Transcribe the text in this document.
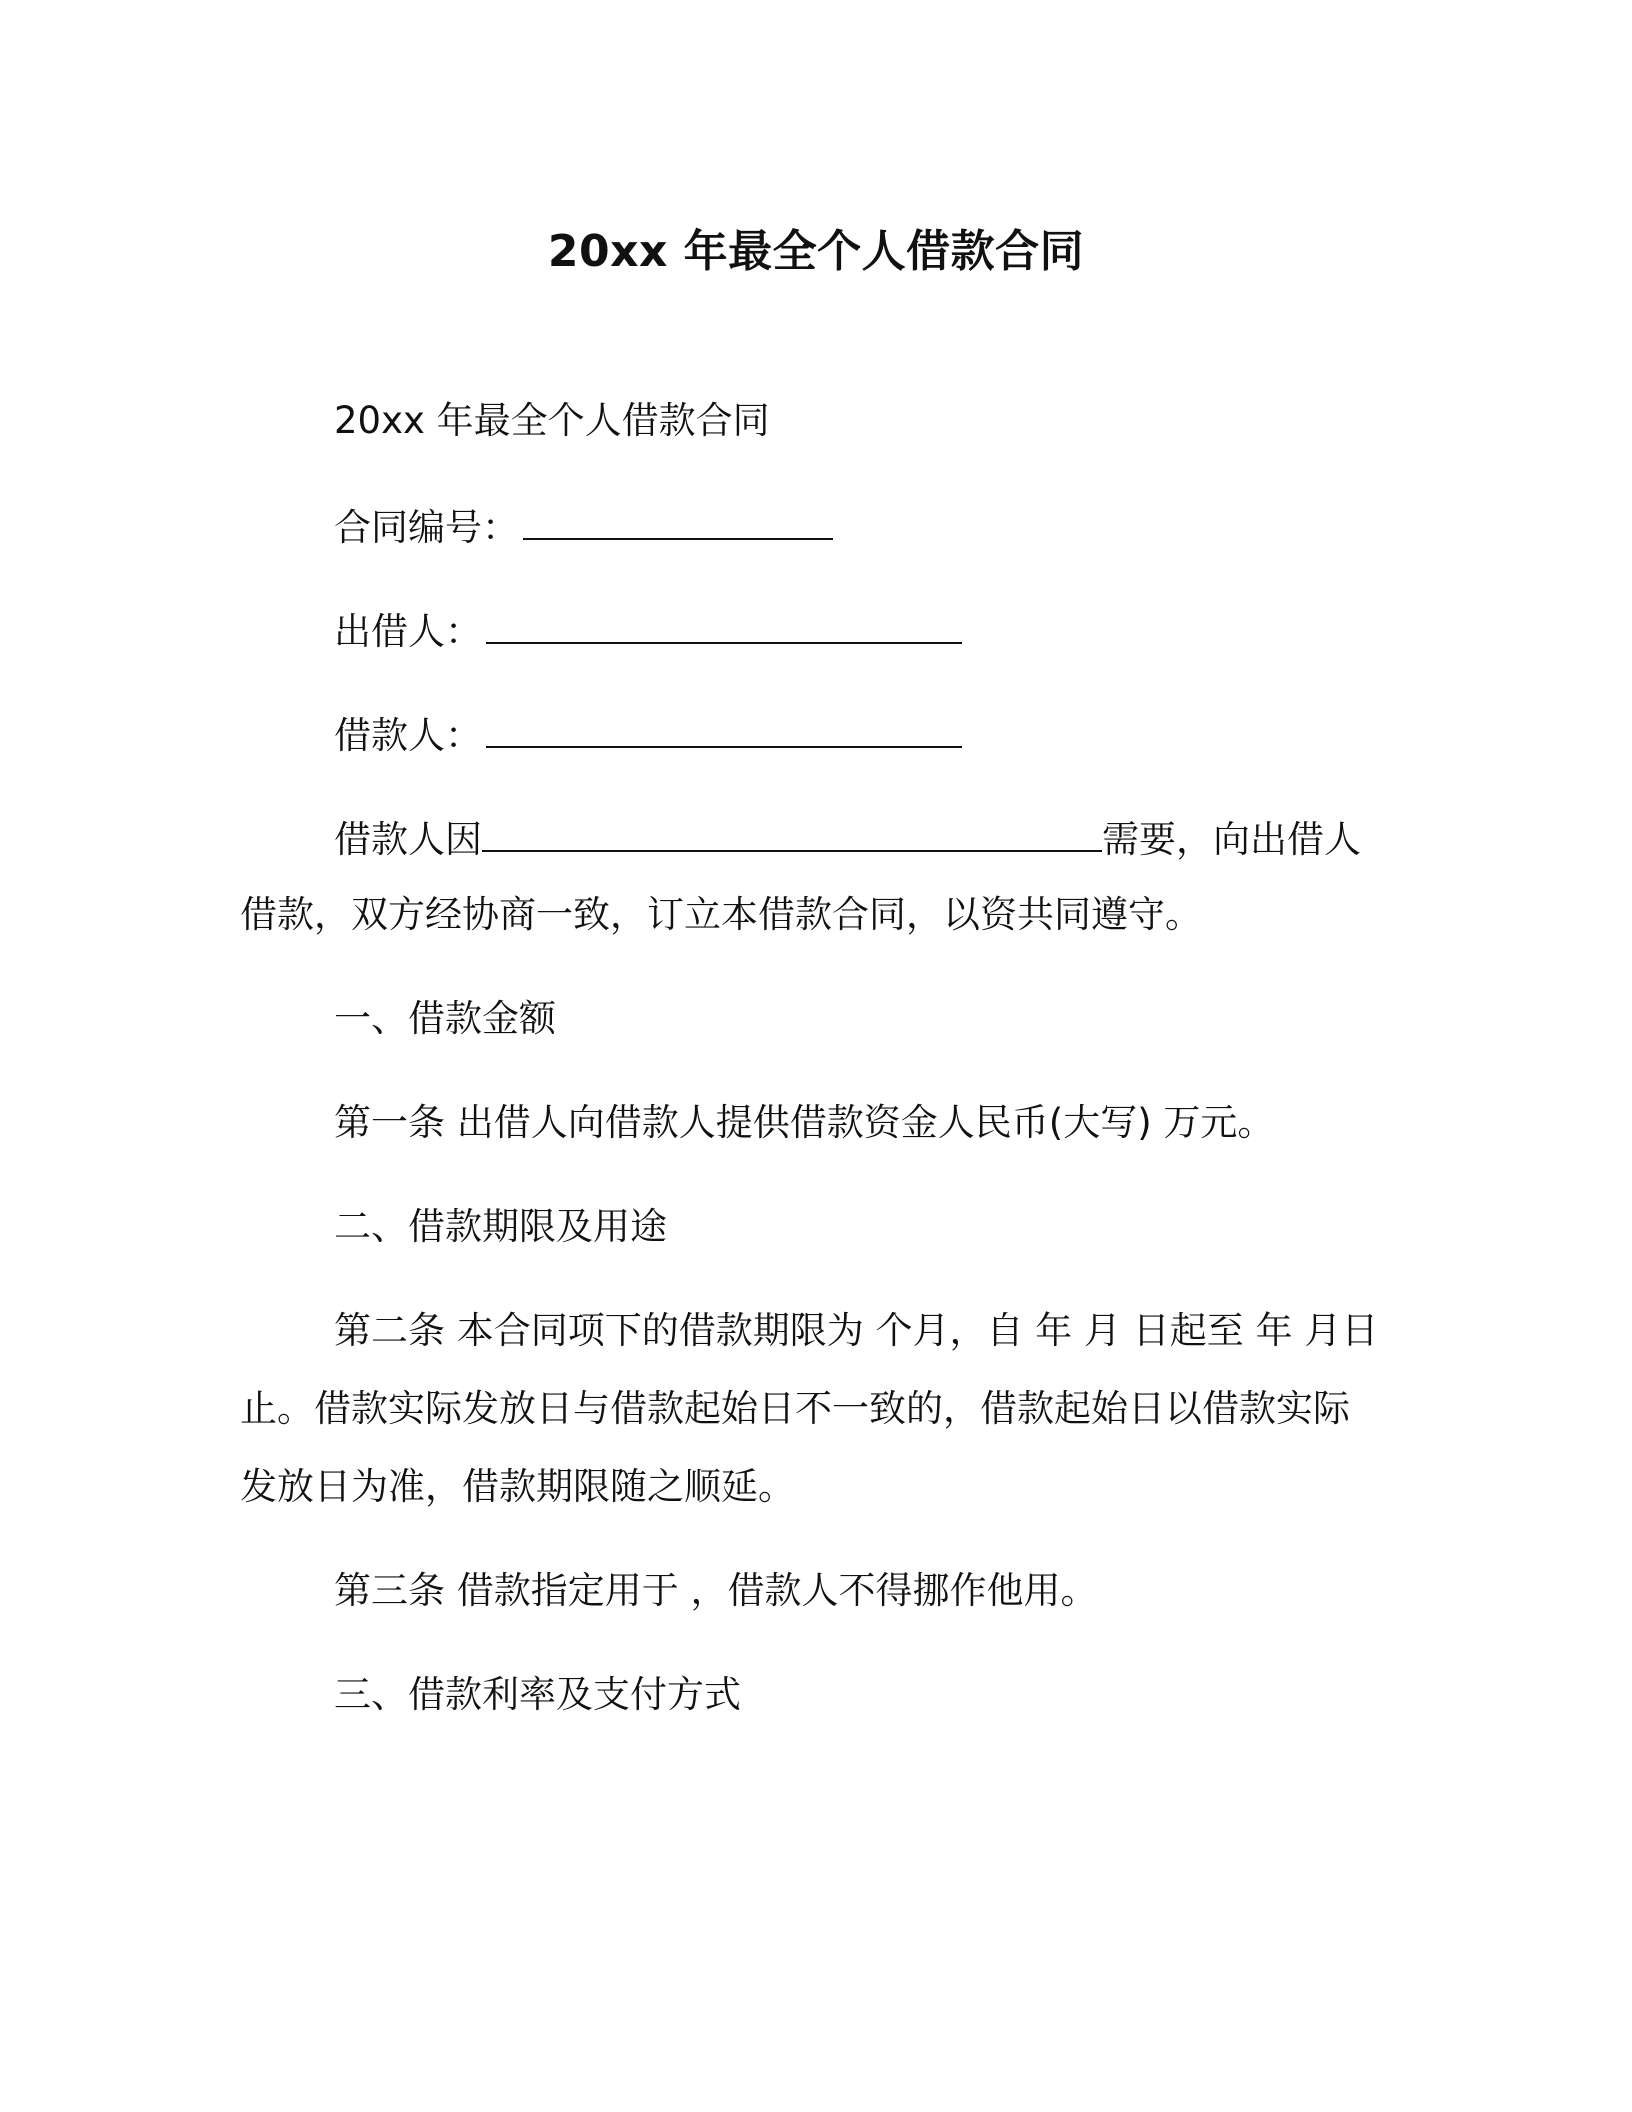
20xx 年最全个人借款合同
20xx 年最全个人借款合同
合同编号：
出借人：
借款人：
借款人因	需要，向出借人
借款，双方经协商一致，订立本借款合同，以资共同遵守。
一、借款金额
第一条 出借人向借款人提供借款资金人民币(大写) 万元。
二、借款期限及用途
第二条 本合同项下的借款期限为 个月，自 年 月 日起至 年 月日
止。借款实际发放日与借款起始日不一致的，借款起始日以借款实际
发放日为准，借款期限随之顺延。
第三条 借款指定用于 ，借款人不得挪作他用。
三、借款利率及支付方式
